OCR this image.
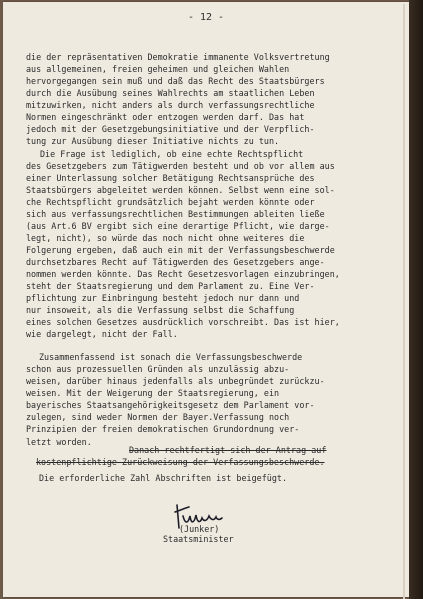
- 12 -
die der repräsentativen Demokratie immanente Volksvertretung
aus allgemeinen, freien geheimen und gleichen Wahlen
hervorgegangen sein muß und daß das Recht des Staatsbürgers
durch die Ausübung seines Wahlrechts am staatlichen Leben
mitzuwirken, nicht anders als durch verfassungsrechtliche
Normen eingeschränkt oder entzogen werden darf. Das hat
jedoch mit der Gesetzgebungsinitiative und der Verpflich-
tung zur Ausübung dieser Initiative nichts zu tun.
Die Frage ist lediglich, ob eine echte Rechtspflicht
des Gesetzgebers zum Tätigwerden besteht und ob vor allem aus
einer Unterlassung solcher Betätigung Rechtsansprüche des
Staatsbürgers abgeleitet werden können. Selbst wenn eine sol-
che Rechtspflicht grundsätzlich bejaht werden könnte oder
sich aus verfassungsrechtlichen Bestimmungen ableiten ließe
(aus Art.6 BV ergibt sich eine derartige Pflicht, wie darge-
legt, nicht), so würde das noch nicht ohne weiteres die
Folgerung ergeben, daß auch ein mit der Verfassungsbeschwerde
durchsetzbares Recht auf Tätigwerden des Gesetzgebers ange-
nommen werden könnte. Das Recht Gesetzesvorlagen einzubringen,
steht der Staatsregierung und dem Parlament zu. Eine Ver-
pflichtung zur Einbringung besteht jedoch nur dann und
nur insoweit, als die Verfassung selbst die Schaffung
eines solchen Gesetzes ausdrücklich vorschreibt. Das ist hier,
wie dargelegt, nicht der Fall.
Zusammenfassend ist sonach die Verfassungsbeschwerde
schon aus prozessuellen Gründen als unzulässig abzu-
weisen, darüber hinaus jedenfalls als unbegründet zurückzu-
weisen. Mit der Weigerung der Staatsregierung, ein
bayerisches Staatsangehörigkeitsgesetz dem Parlament vor-
zulegen, sind weder Normen der Bayer.Verfassung noch
Prinzipien der freien demokratischen Grundordnung ver-
letzt worden.
Danach rechtfertigt sich der Antrag auf
kostenpflichtige Zurückweisung der Verfassungsbeschwerde.
Die erforderliche Zahl Abschriften ist beigefügt.
(Junker)
Staatsminister
